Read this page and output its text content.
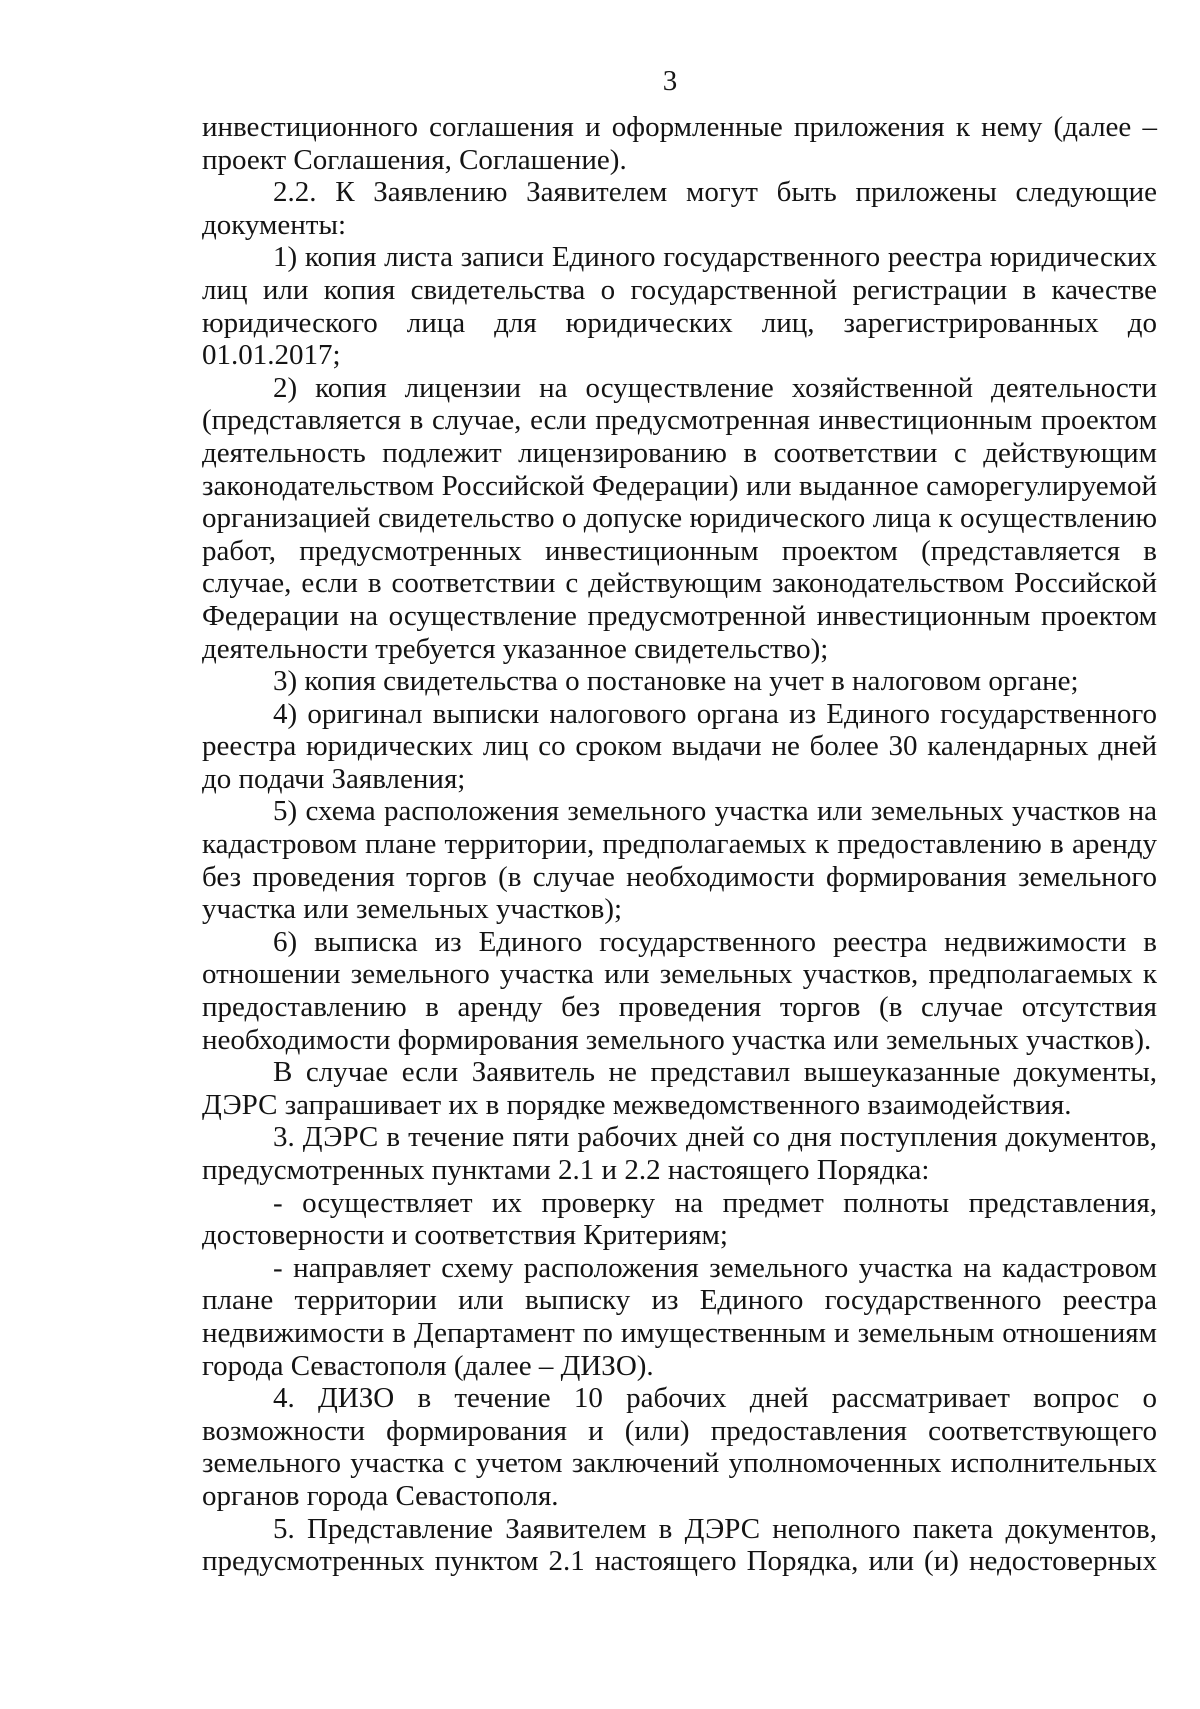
3

инвестиционного соглашения и оформленные приложения к нему (далее – проект Соглашения, Соглашение).

2.2. К Заявлению Заявителем могут быть приложены следующие документы:

1) копия листа записи Единого государственного реестра юридических лиц или копия свидетельства о государственной регистрации в качестве юридического лица для юридических лиц, зарегистрированных до 01.01.2017;

2) копия лицензии на осуществление хозяйственной деятельности (представляется в случае, если предусмотренная инвестиционным проектом деятельность подлежит лицензированию в соответствии с действующим законодательством Российской Федерации) или выданное саморегулируемой организацией свидетельство о допуске юридического лица к осуществлению работ, предусмотренных инвестиционным проектом (представляется в случае, если в соответствии с действующим законодательством Российской Федерации на осуществление предусмотренной инвестиционным проектом деятельности требуется указанное свидетельство);

3) копия свидетельства о постановке на учет в налоговом органе;

4) оригинал выписки налогового органа из Единого государственного реестра юридических лиц со сроком выдачи не более 30 календарных дней до подачи Заявления;

5) схема расположения земельного участка или земельных участков на кадастровом плане территории, предполагаемых к предоставлению в аренду без проведения торгов (в случае необходимости формирования земельного участка или земельных участков);

6) выписка из Единого государственного реестра недвижимости в отношении земельного участка или земельных участков, предполагаемых к предоставлению в аренду без проведения торгов (в случае отсутствия необходимости формирования земельного участка или земельных участков).

В случае если Заявитель не представил вышеуказанные документы, ДЭРС запрашивает их в порядке межведомственного взаимодействия.

3. ДЭРС в течение пяти рабочих дней со дня поступления документов, предусмотренных пунктами 2.1 и 2.2 настоящего Порядка:

- осуществляет их проверку на предмет полноты представления, достоверности и соответствия Критериям;

- направляет схему расположения земельного участка на кадастровом плане территории или выписку из Единого государственного реестра недвижимости в Департамент по имущественным и земельным отношениям города Севастополя (далее – ДИЗО).

4. ДИЗО в течение 10 рабочих дней рассматривает вопрос о возможности формирования и (или) предоставления соответствующего земельного участка с учетом заключений уполномоченных исполнительных органов города Севастополя.

5. Представление Заявителем в ДЭРС неполного пакета документов, предусмотренных пунктом 2.1 настоящего Порядка, или (и) недостоверных
